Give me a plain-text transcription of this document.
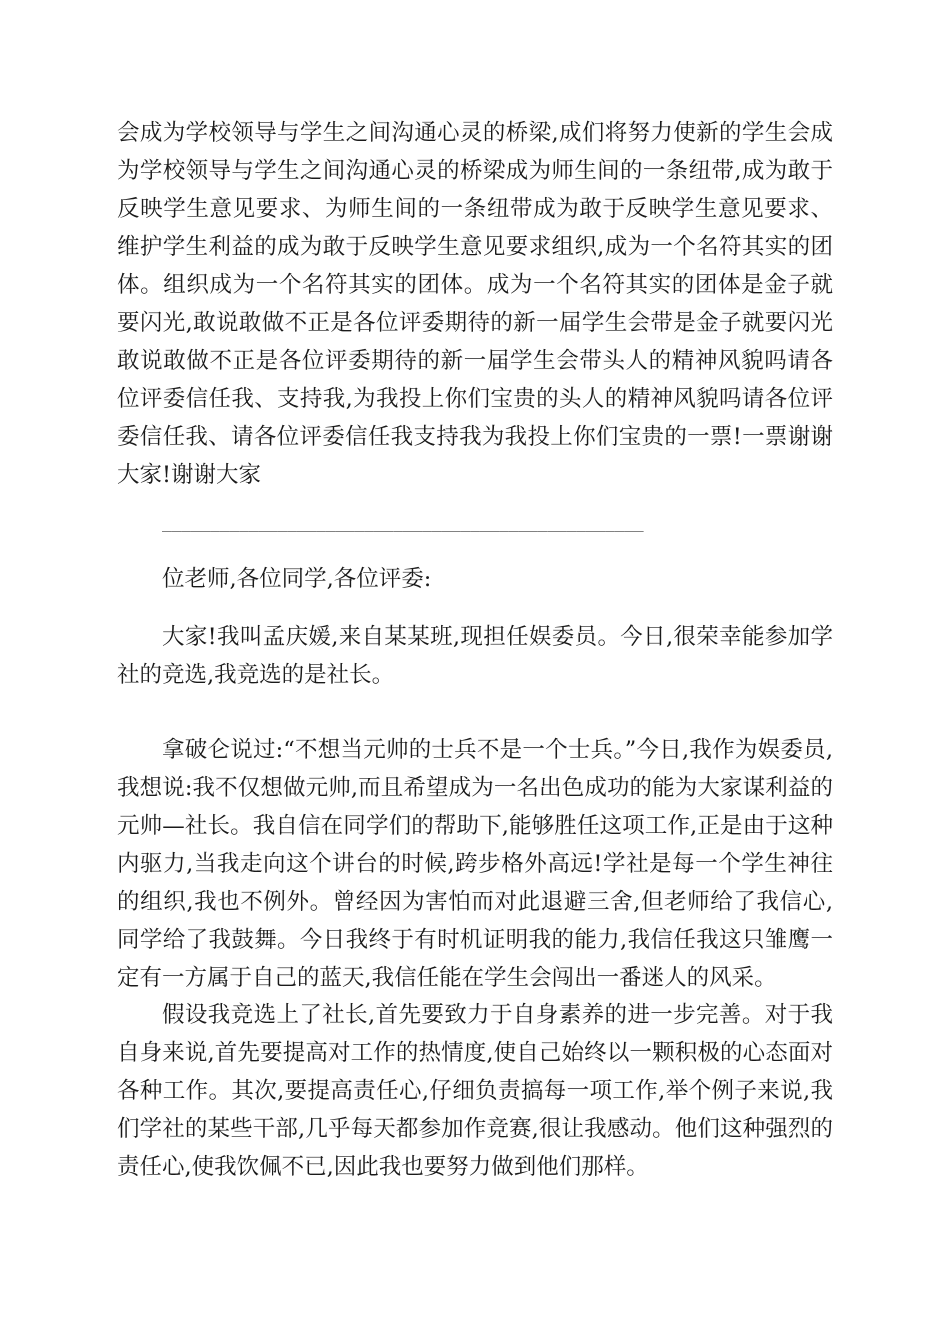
会成为学校领导与学生之间沟通心灵的桥梁,成们将努力使新的学生会成为学校领导与学生之间沟通心灵的桥梁成为师生间的一条纽带,成为敢于反映学生意见要求、为师生间的一条纽带成为敢于反映学生意见要求、维护学生利益的成为敢于反映学生意见要求组织,成为一个名符其实的团体。组织成为一个名符其实的团体。成为一个名符其实的团体是金子就要闪光,敢说敢做不正是各位评委期待的新一届学生会带是金子就要闪光敢说敢做不正是各位评委期待的新一届学生会带头人的精神风貌吗请各位评委信任我、支持我,为我投上你们宝贵的头人的精神风貌吗请各位评委信任我、请各位评委信任我支持我为我投上你们宝贵的一票!一票谢谢大家!谢谢大家

__________________________________________________

位老师,各位同学,各位评委:

大家!我叫孟庆媛,来自某某班,现担任娱委员。今日,很荣幸能参加学社的竞选,我竞选的是社长。

拿破仑说过:“不想当元帅的士兵不是一个士兵。”今日,我作为娱委员,我想说:我不仅想做元帅,而且希望成为一名出色成功的能为大家谋利益的元帅—社长。我自信在同学们的帮助下,能够胜任这项工作,正是由于这种内驱力,当我走向这个讲台的时候,跨步格外高远!学社是每一个学生神往的组织,我也不例外。曾经因为害怕而对此退避三舍,但老师给了我信心,同学给了我鼓舞。今日我终于有时机证明我的能力,我信任我这只雏鹰一定有一方属于自己的蓝天,我信任能在学生会闯出一番迷人的风采。

假设我竞选上了社长,首先要致力于自身素养的进一步完善。对于我自身来说,首先要提高对工作的热情度,使自己始终以一颗积极的心态面对各种工作。其次,要提高责任心,仔细负责搞每一项工作,举个例子来说,我们学社的某些干部,几乎每天都参加作竞赛,很让我感动。他们这种强烈的责任心,使我饮佩不已,因此我也要努力做到他们那样。
